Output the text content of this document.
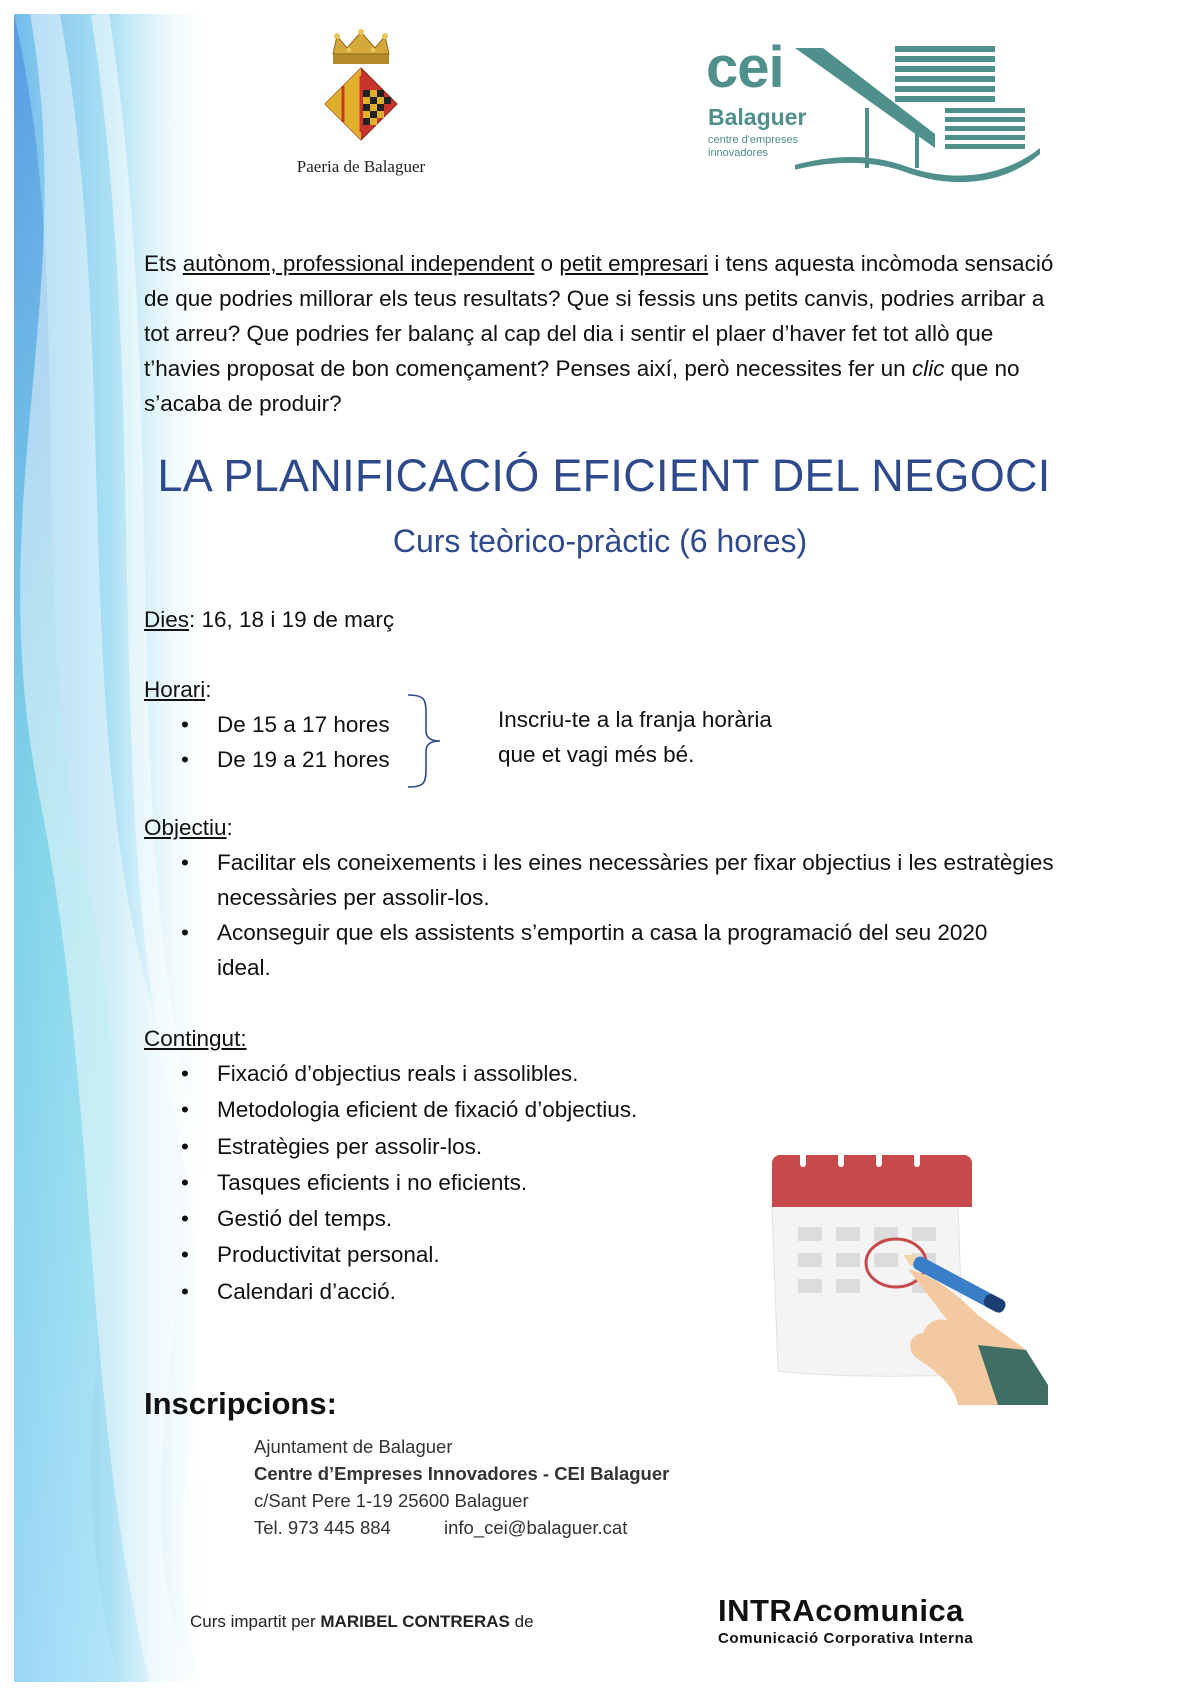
Paeria de Balaguer
cei
Balaguer
centre d'empreses
innovadores
Ets autònom, professional independent o petit empresari i tens aquesta incòmoda sensació de que podries millorar els teus resultats? Que si fessis uns petits canvis, podries arribar a tot arreu? Que podries fer balanç al cap del dia i sentir el plaer d’haver fet tot allò que t’havies proposat de bon començament? Penses així, però necessites fer un clic que no s’acaba de produir?
LA PLANIFICACIÓ EFICIENT DEL NEGOCI
Curs teòrico-pràctic (6 hores)
Dies: 16, 18 i 19 de març
Horari:
• De 15 a 17 hores
• De 19 a 21 hores
Inscriu-te a la franja horària
que et vagi més bé.
Objectiu:
• Facilitar els coneixements i les eines necessàries per fixar objectius i les estratègies necessàries per assolir-los.
• Aconseguir que els assistents s’emportin a casa la programació del seu 2020 ideal.
Contingut:
• Fixació d’objectius reals i assolibles.
• Metodologia eficient de fixació d’objectius.
• Estratègies per assolir-los.
• Tasques eficients i no eficients.
• Gestió del temps.
• Productivitat personal.
• Calendari d’acció.
Inscripcions:
Ajuntament de Balaguer
Centre d’Empreses Innovadores - CEI Balaguer
c/Sant Pere 1-19 25600 Balaguer
Tel. 973 445 884	info_cei@balaguer.cat
Curs impartit per MARIBEL CONTRERAS de	INTRAcomunica
Comunicació Corporativa Interna
